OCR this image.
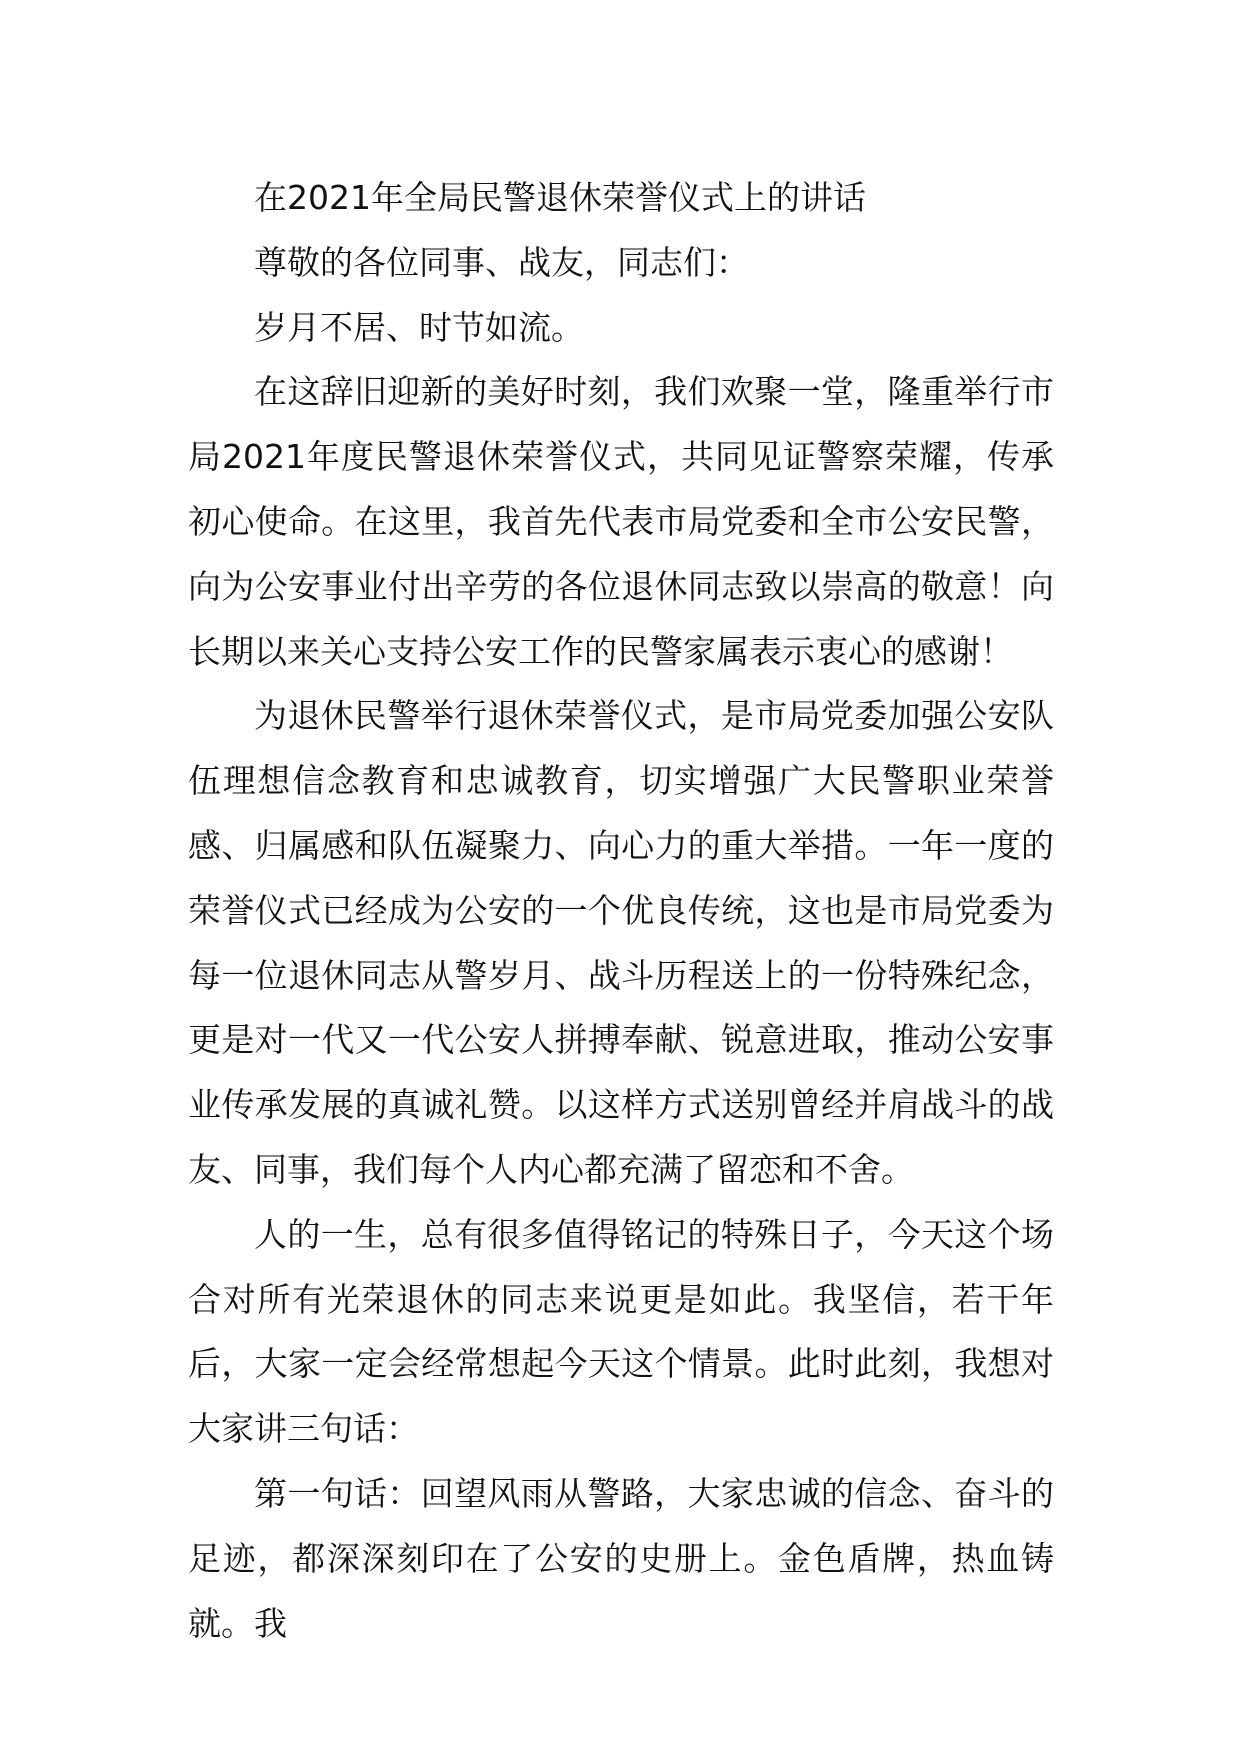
在2021年全局民警退休荣誉仪式上的讲话

尊敬的各位同事、战友，同志们：

岁月不居、时节如流。

在这辞旧迎新的美好时刻，我们欢聚一堂，隆重举行市局2021年度民警退休荣誉仪式，共同见证警察荣耀，传承初心使命。在这里，我首先代表市局党委和全市公安民警，向为公安事业付出辛劳的各位退休同志致以崇高的敬意！向长期以来关心支持公安工作的民警家属表示衷心的感谢！

为退休民警举行退休荣誉仪式，是市局党委加强公安队伍理想信念教育和忠诚教育，切实增强广大民警职业荣誉感、归属感和队伍凝聚力、向心力的重大举措。一年一度的荣誉仪式已经成为公安的一个优良传统，这也是市局党委为每一位退休同志从警岁月、战斗历程送上的一份特殊纪念，更是对一代又一代公安人拼搏奉献、锐意进取，推动公安事业传承发展的真诚礼赞。以这样方式送别曾经并肩战斗的战友、同事，我们每个人内心都充满了留恋和不舍。

人的一生，总有很多值得铭记的特殊日子，今天这个场合对所有光荣退休的同志来说更是如此。我坚信，若干年后，大家一定会经常想起今天这个情景。此时此刻，我想对大家讲三句话：

第一句话：回望风雨从警路，大家忠诚的信念、奋斗的足迹，都深深刻印在了公安的史册上。金色盾牌，热血铸就。我
